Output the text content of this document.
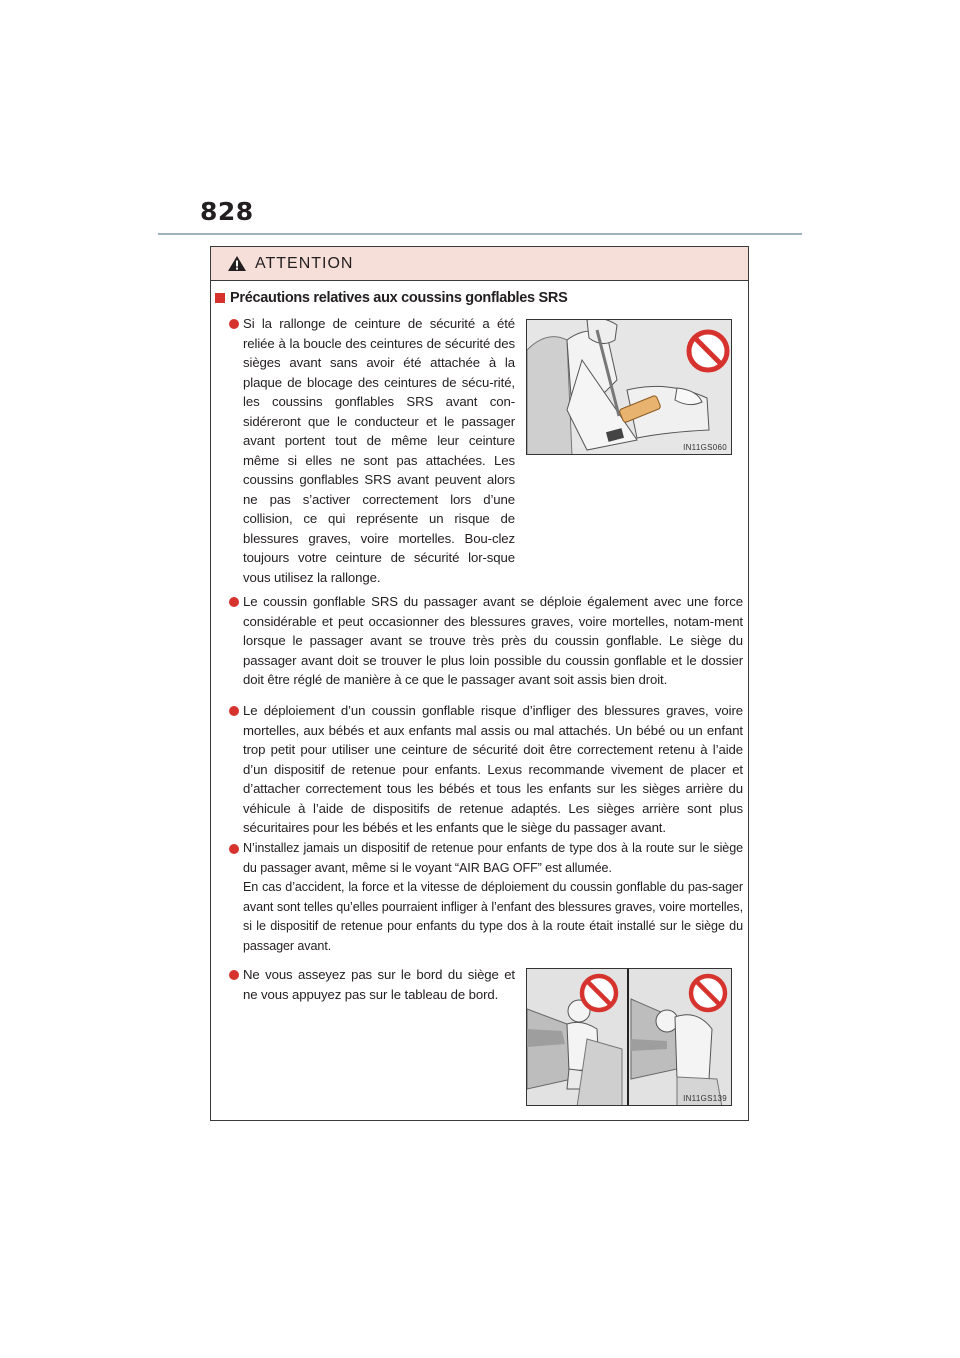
828
ATTENTION
Précautions relatives aux coussins gonflables SRS

Si la rallonge de ceinture de sécurité a été reliée à la boucle des ceintures de sécurité des sièges avant sans avoir été attachée à la plaque de blocage des ceintures de sécu-rité, les coussins gonflables SRS avant con-sidéreront que le conducteur et le passager avant portent tout de même leur ceinture même si elles ne sont pas attachées. Les coussins gonflables SRS avant peuvent alors ne pas s’activer correctement lors d’une collision, ce qui représente un risque de blessures graves, voire mortelles. Bou-clez toujours votre ceinture de sécurité lor-sque vous utilisez la rallonge.

IN11GS060

Le coussin gonflable SRS du passager avant se déploie également avec une force considérable et peut occasionner des blessures graves, voire mortelles, notam-ment lorsque le passager avant se trouve très près du coussin gonflable. Le siège du passager avant doit se trouver le plus loin possible du coussin gonflable et le dossier doit être réglé de manière à ce que le passager avant soit assis bien droit.

Le déploiement d’un coussin gonflable risque d’infliger des blessures graves, voire mortelles, aux bébés et aux enfants mal assis ou mal attachés. Un bébé ou un enfant trop petit pour utiliser une ceinture de sécurité doit être correctement retenu à l’aide d’un dispositif de retenue pour enfants. Lexus recommande vivement de placer et d’attacher correctement tous les bébés et tous les enfants sur les sièges arrière du véhicule à l’aide de dispositifs de retenue adaptés. Les sièges arrière sont plus sécuritaires pour les bébés et les enfants que le siège du passager avant.

N’installez jamais un dispositif de retenue pour enfants de type dos à la route sur le siège du passager avant, même si le voyant “AIR BAG OFF” est allumée.

En cas d’accident, la force et la vitesse de déploiement du coussin gonflable du pas-sager avant sont telles qu’elles pourraient infliger à l’enfant des blessures graves, voire mortelles, si le dispositif de retenue pour enfants du type dos à la route était installé sur le siège du passager avant.

Ne vous asseyez pas sur le bord du siège et ne vous appuyez pas sur le tableau de bord.

IN11GS139
